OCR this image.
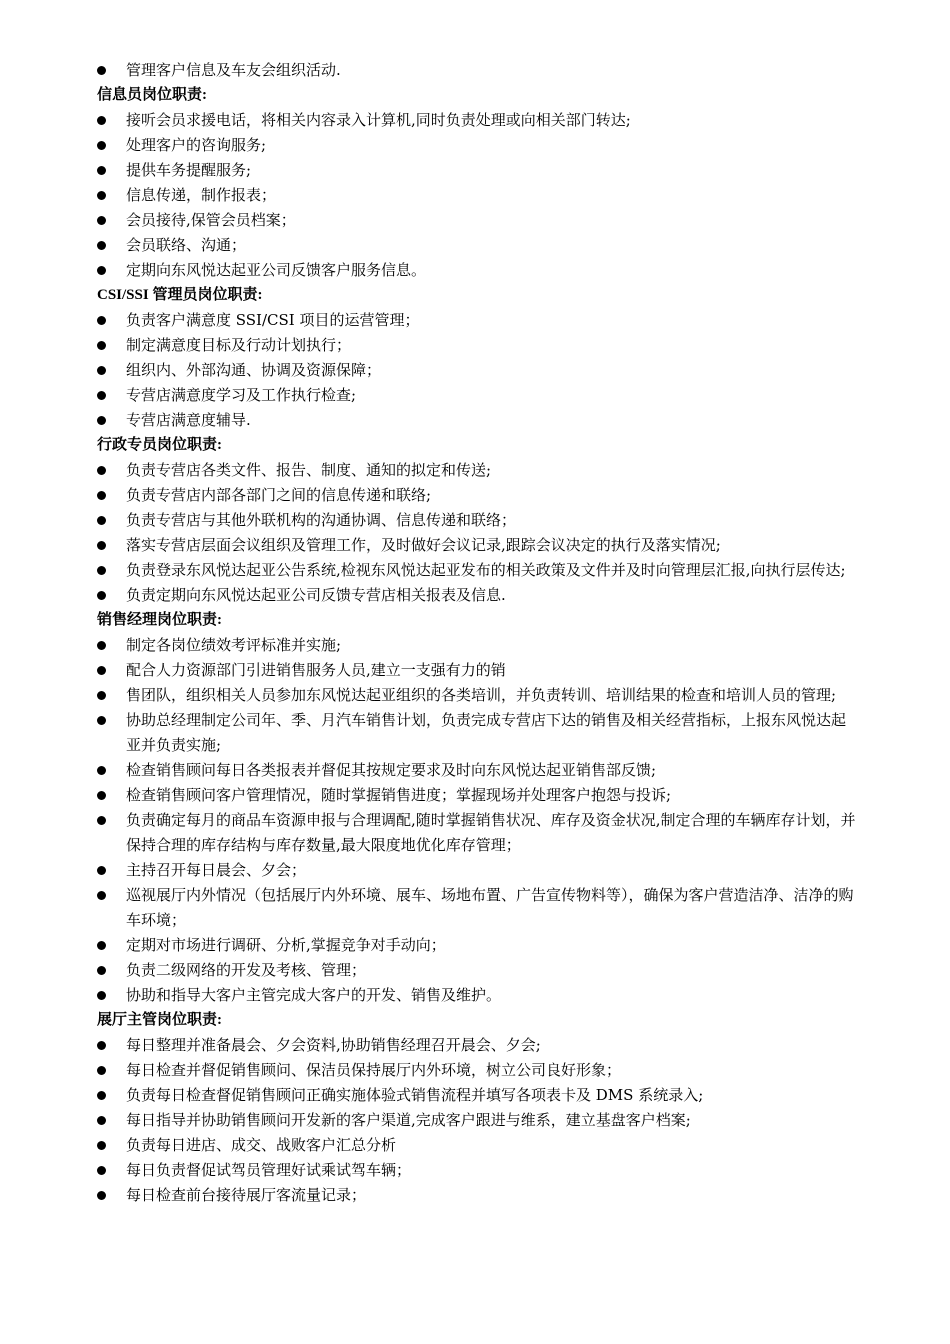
管理客户信息及车友会组织活动.
信息员岗位职责:
接听会员求援电话，将相关内容录入计算机,同时负责处理或向相关部门转达;
处理客户的咨询服务;
提供车务提醒服务;
信息传递，制作报表；
会员接待,保管会员档案；
会员联络、沟通；
定期向东风悦达起亚公司反馈客户服务信息。
CSI/SSI 管理员岗位职责:
负责客户满意度 SSI/CSI 项目的运营管理；
制定满意度目标及行动计划执行；
组织内、外部沟通、协调及资源保障；
专营店满意度学习及工作执行检查;
专营店满意度辅导.
行政专员岗位职责:
负责专营店各类文件、报告、制度、通知的拟定和传送;
负责专营店内部各部门之间的信息传递和联络;
负责专营店与其他外联机构的沟通协调、信息传递和联络；
落实专营店层面会议组织及管理工作，及时做好会议记录,跟踪会议决定的执行及落实情况;
负责登录东风悦达起亚公告系统,检视东风悦达起亚发布的相关政策及文件并及时向管理层汇报,向执行层传达;
负责定期向东风悦达起亚公司反馈专营店相关报表及信息.
销售经理岗位职责:
制定各岗位绩效考评标准并实施;
配合人力资源部门引进销售服务人员,建立一支强有力的销
售团队，组织相关人员参加东风悦达起亚组织的各类培训，并负责转训、培训结果的检查和培训人员的管理;
协助总经理制定公司年、季、月汽车销售计划，负责完成专营店下达的销售及相关经营指标，上报东风悦达起亚并负责实施;
检查销售顾问每日各类报表并督促其按规定要求及时向东风悦达起亚销售部反馈;
检查销售顾问客户管理情况，随时掌握销售进度；掌握现场并处理客户抱怨与投诉;
负责确定每月的商品车资源申报与合理调配,随时掌握销售状况、库存及资金状况,制定合理的车辆库存计划，并保持合理的库存结构与库存数量,最大限度地优化库存管理；
主持召开每日晨会、夕会；
巡视展厅内外情况（包括展厅内外环境、展车、场地布置、广告宣传物料等），确保为客户营造洁净、洁净的购车环境；
定期对市场进行调研、分析,掌握竞争对手动向；
负责二级网络的开发及考核、管理；
协助和指导大客户主管完成大客户的开发、销售及维护。
展厅主管岗位职责:
每日整理并准备晨会、夕会资料,协助销售经理召开晨会、夕会;
每日检查并督促销售顾问、保洁员保持展厅内外环境，树立公司良好形象；
负责每日检查督促销售顾问正确实施体验式销售流程并填写各项表卡及 DMS 系统录入;
每日指导并协助销售顾问开发新的客户渠道,完成客户跟进与维系，建立基盘客户档案;
负责每日进店、成交、战败客户汇总分析
每日负责督促试驾员管理好试乘试驾车辆；
每日检查前台接待展厅客流量记录；
